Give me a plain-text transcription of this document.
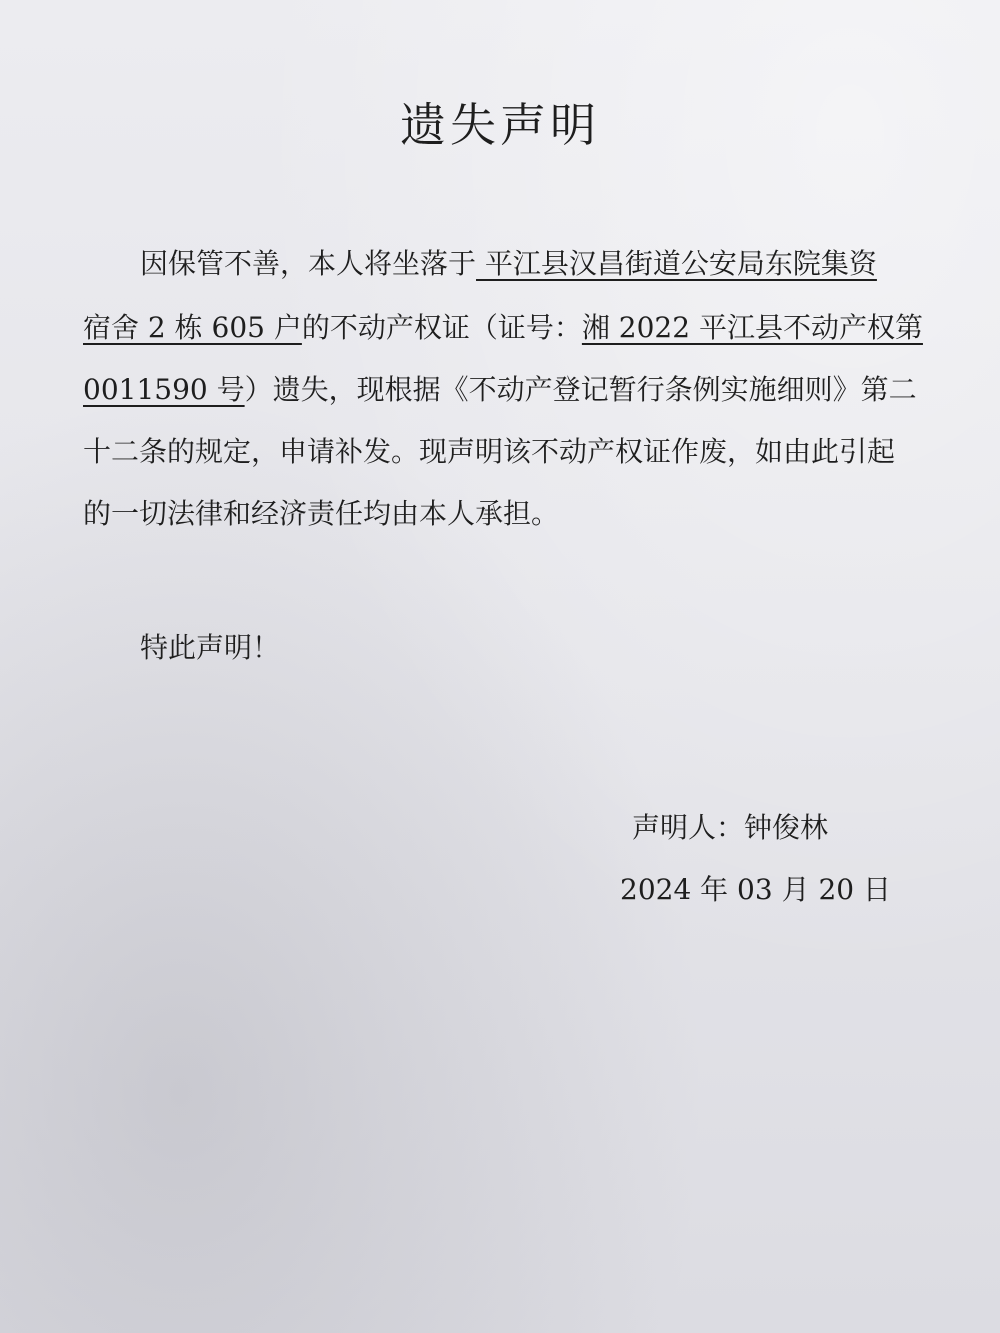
遗失声明

因保管不善，本人将坐落于 平江县汉昌街道公安局东院集资

宿舍 2 栋 605 户的不动产权证（证号：湘 2022 平江县不动产权第

0011590 号）遗失，现根据《不动产登记暂行条例实施细则》第二

十二条的规定，申请补发。现声明该不动产权证作废，如由此引起

的一切法律和经济责任均由本人承担。

特此声明！

声明人：钟俊林

2024 年 03 月 20 日
